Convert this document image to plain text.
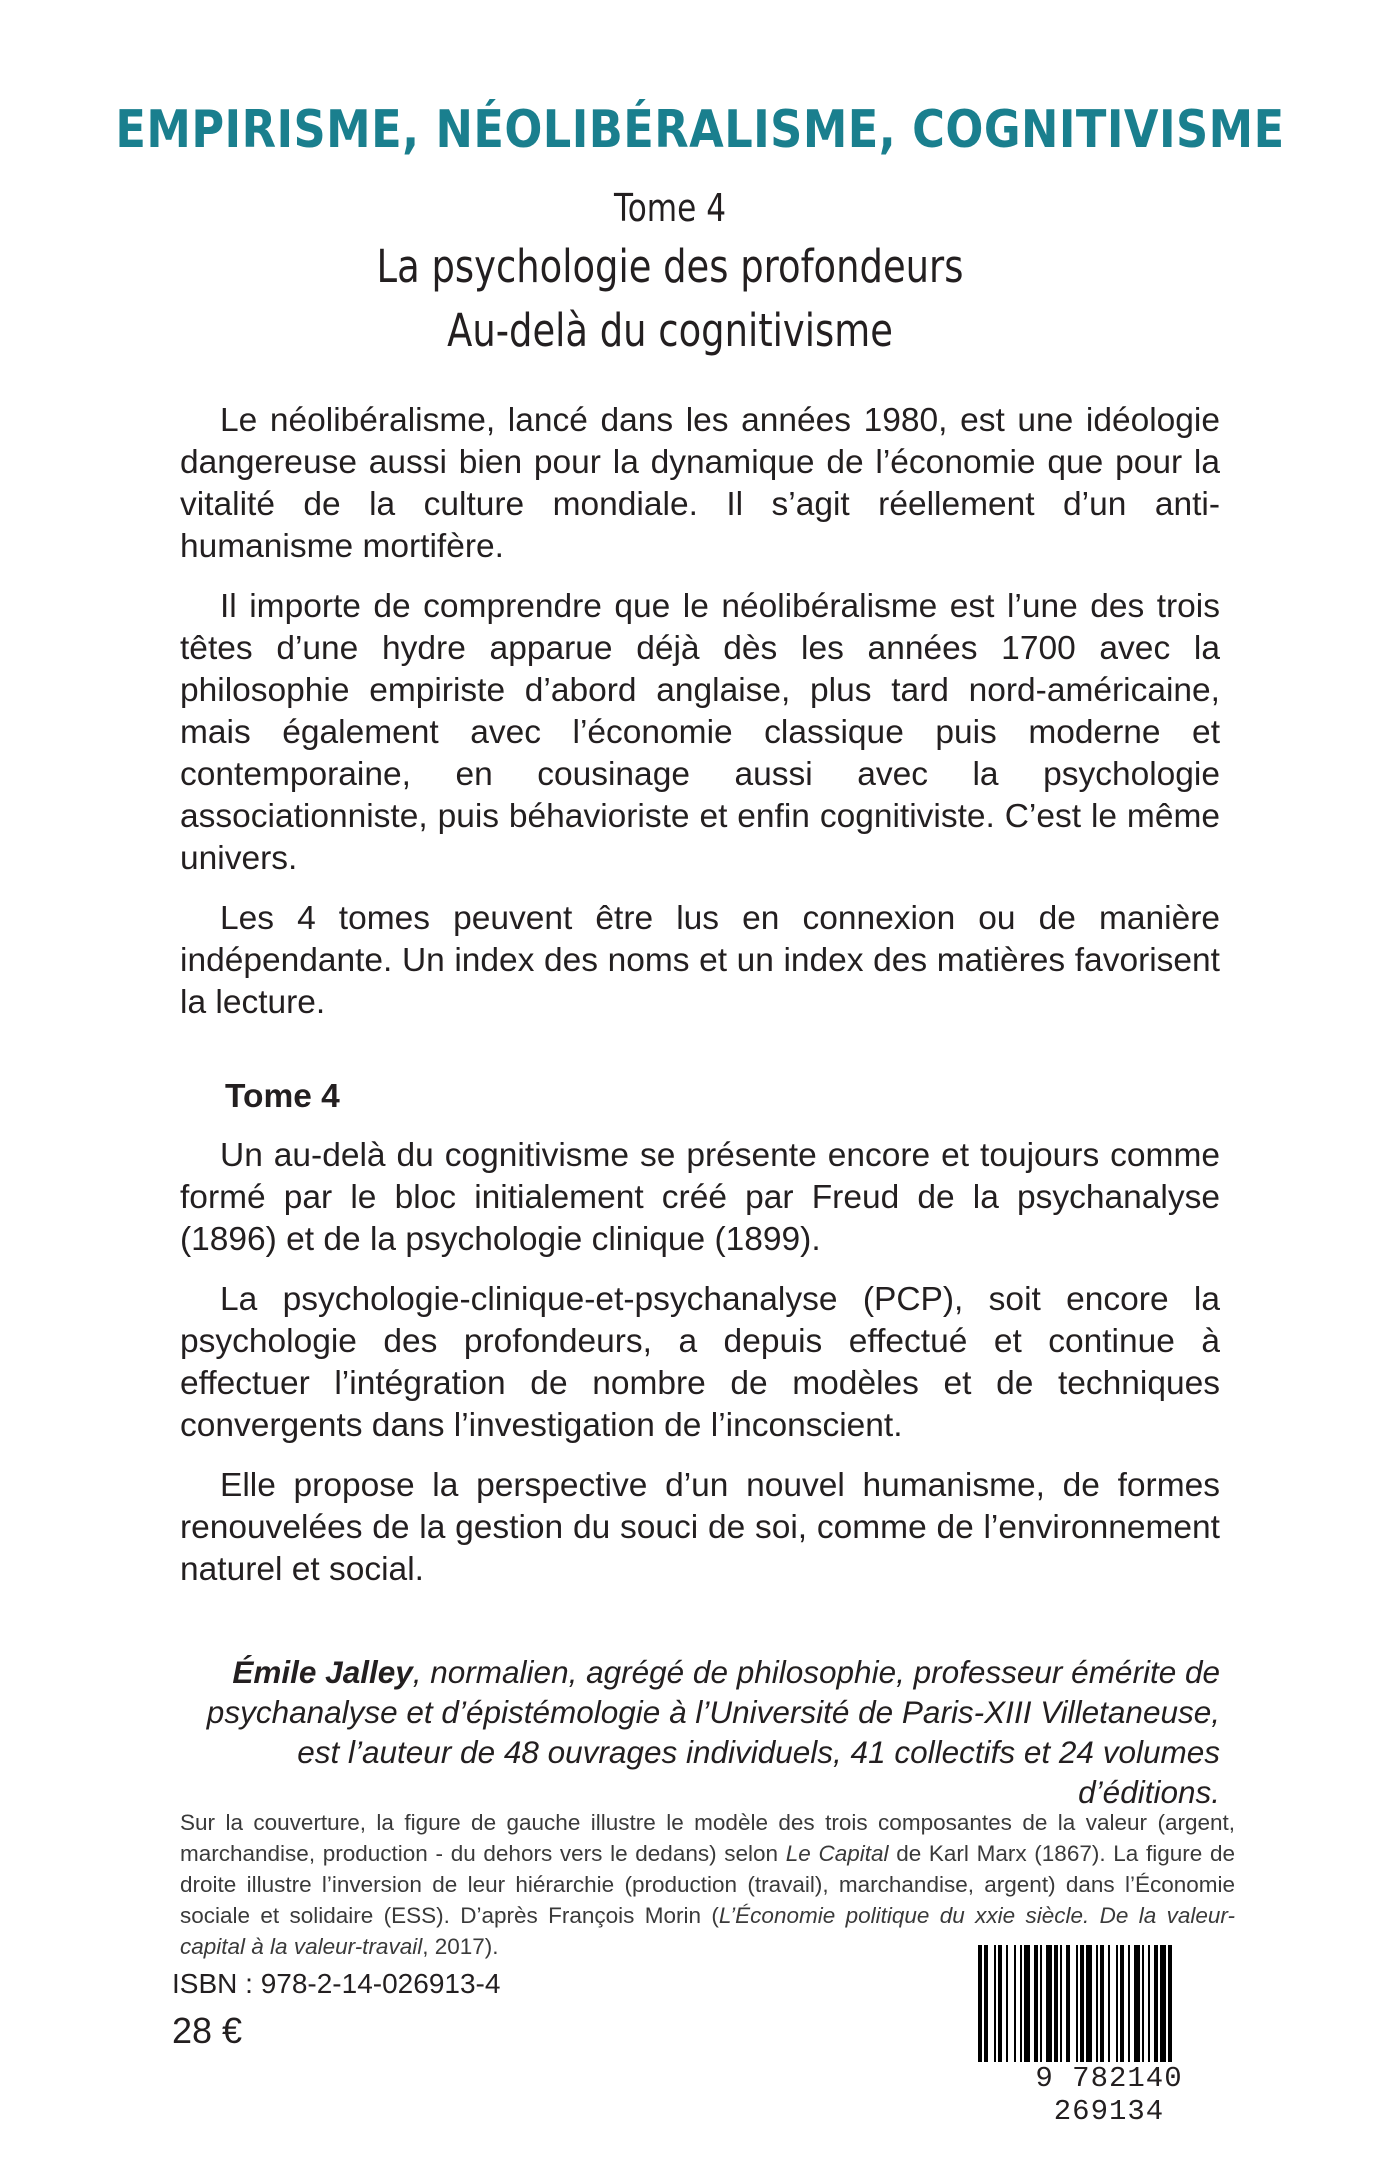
EMPIRISME, NÉOLIBÉRALISME, COGNITIVISME
Tome 4
La psychologie des profondeurs
Au-delà du cognitivisme

Le néolibéralisme, lancé dans les années 1980, est une idéologie dangereuse aussi bien pour la dynamique de l’économie que pour la vitalité de la culture mondiale. Il s’agit réellement d’un anti-humanisme mortifère.

Il importe de comprendre que le néolibéralisme est l’une des trois têtes d’une hydre apparue déjà dès les années 1700 avec la philosophie empiriste d’abord anglaise, plus tard nord-américaine, mais également avec l’économie classique puis moderne et contemporaine, en cousinage aussi avec la psychologie associationniste, puis béhavioriste et enfin cognitiviste. C’est le même univers.

Les 4 tomes peuvent être lus en connexion ou de manière indépendante. Un index des noms et un index des matières favorisent la lecture.

Tome 4

Un au-delà du cognitivisme se présente encore et toujours comme formé par le bloc initialement créé par Freud de la psychanalyse (1896) et de la psychologie clinique (1899).

La psychologie-clinique-et-psychanalyse (PCP), soit encore la psychologie des profondeurs, a depuis effectué et continue à effectuer l’intégration de nombre de modèles et de techniques convergents dans l’investigation de l’inconscient.

Elle propose la perspective d’un nouvel humanisme, de formes renouvelées de la gestion du souci de soi, comme de l’environnement naturel et social.

Émile Jalley, normalien, agrégé de philosophie, professeur émérite de psychanalyse et d’épistémologie à l’Université de Paris-XIII Villetaneuse, est l’auteur de 48 ouvrages individuels, 41 collectifs et 24 volumes d’éditions.
Sur la couverture, la figure de gauche illustre le modèle des trois composantes de la valeur (argent, marchandise, production - du dehors vers le dedans) selon Le Capital de Karl Marx (1867). La figure de droite illustre l’inversion de leur hiérarchie (production (travail), marchandise, argent) dans l’Économie sociale et solidaire (ESS). D’après François Morin (L’Économie politique du xxie siècle. De la valeur-capital à la valeur-travail, 2017).
ISBN : 978-2-14-026913-4
28 €
9 782140 269134
